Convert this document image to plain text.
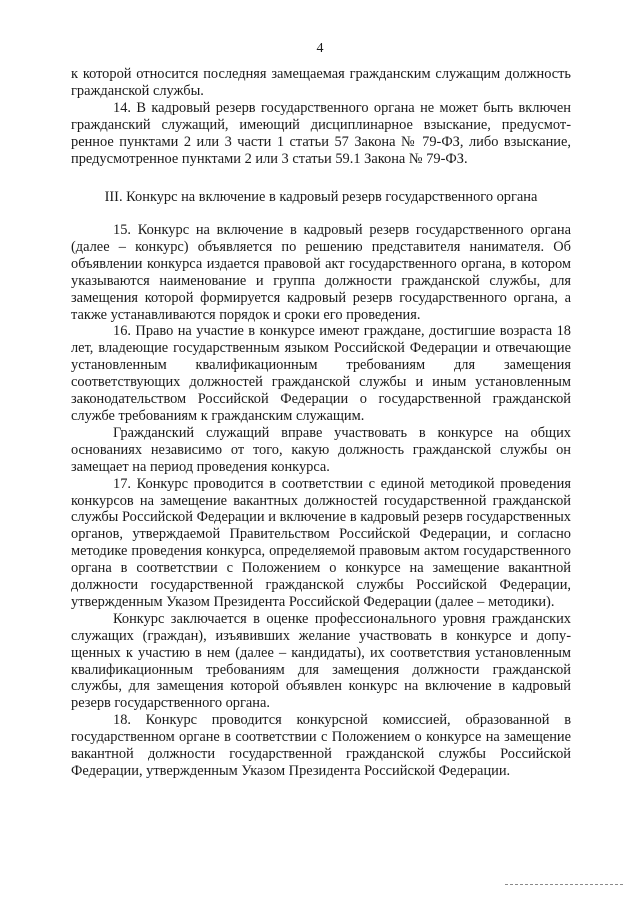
4

к которой относится последняя замещаемая гражданским служащим должность гражданской службы.

14. В кадровый резерв государственного органа не может быть включен гражданский служащий, имеющий дисциплинарное взыскание, предусмотренное пунктами 2 или 3 части 1 статьи 57 Закона № 79-ФЗ, либо взыскание, предусмотренное пунктами 2 или 3 статьи 59.1 Закона № 79-ФЗ.

III. Конкурс на включение в кадровый резерв государственного органа

15. Конкурс на включение в кадровый резерв государственного органа (далее – конкурс) объявляется по решению представителя нанимателя. Об объявлении конкурса издается правовой акт государственного органа, в котором указываются наименование и группа должности гражданской службы, для замещения которой формируется кадровый резерв государственного органа, а также устанавливаются порядок и сроки его проведения.

16. Право на участие в конкурсе имеют граждане, достигшие возраста 18 лет, владеющие государственным языком Российской Федерации и отвечающие установленным квалификационным требованиям для замещения соответствующих должностей гражданской службы и иным установленным законодательством Российской Федерации о государственной гражданской службе требованиям к гражданским служащим.

Гражданский служащий вправе участвовать в конкурсе на общих основаниях независимо от того, какую должность гражданской службы он замещает на период проведения конкурса.

17. Конкурс проводится в соответствии с единой методикой проведения конкурсов на замещение вакантных должностей государственной гражданской службы Российской Федерации и включение в кадровый резерв государственных органов, утверждаемой Правительством Российской Федерации, и согласно методике проведения конкурса, определяемой правовым актом государственного органа в соответствии с Положением о конкурсе на замещение вакантной должности государственной гражданской службы Российской Федерации, утвержденным Указом Президента Российской Федерации (далее – методики).

Конкурс заключается в оценке профессионального уровня гражданских служащих (граждан), изъявивших желание участвовать в конкурсе и допущенных к участию в нем (далее – кандидаты), их соответствия установленным квалификационным требованиям для замещения должности гражданской службы, для замещения которой объявлен конкурс на включение в кадровый резерв государственного органа.

18. Конкурс проводится конкурсной комиссией, образованной в государственном органе в соответствии с Положением о конкурсе на замещение вакантной должности государственной гражданской службы Российской Федерации, утвержденным Указом Президента Российской Федерации.
